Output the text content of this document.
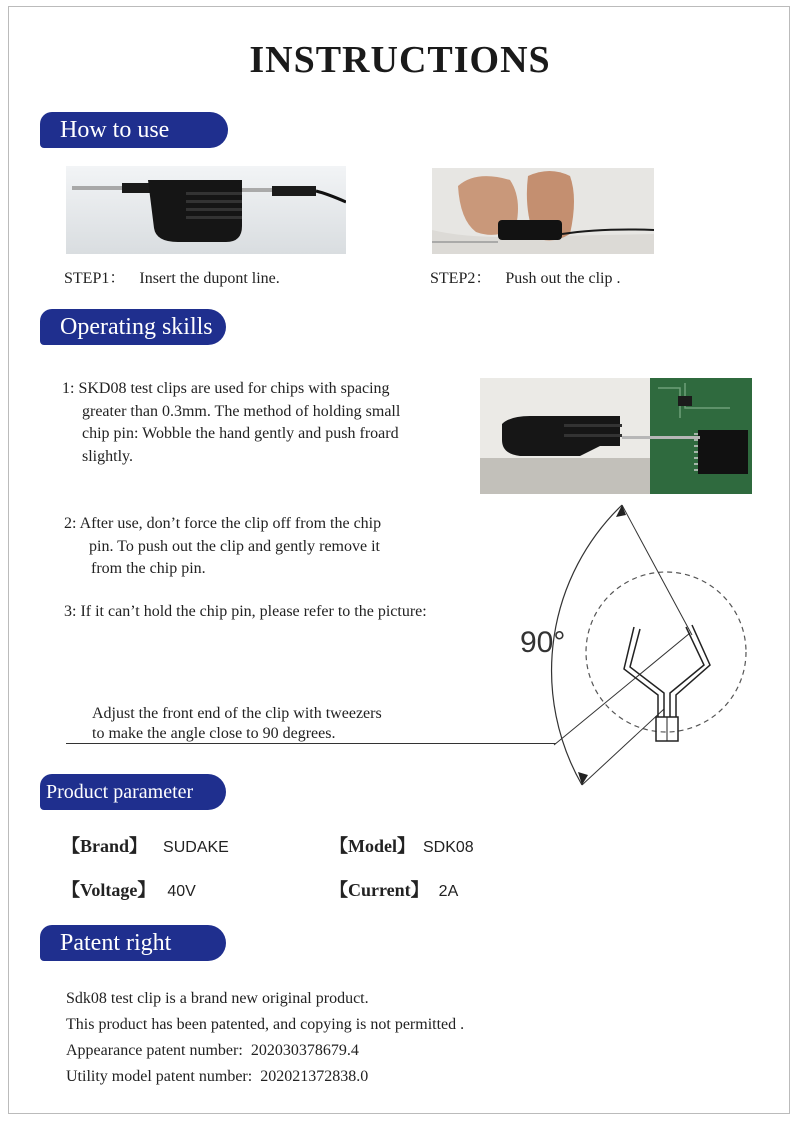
INSTRUCTIONS
How to use
STEP1： Insert the dupont line.	STEP2： Push out the clip .
Operating skills
1: SKD08 test clips are used for chips with spacing
greater than 0.3mm. The method of holding small
chip pin: Wobble the hand gently and push froard
slightly.
2: After use, don’t force the clip off from the chip
pin. To push out the clip and gently remove it
from the chip pin.
3: If it can’t hold the chip pin, please refer to the picture:
90°
Adjust the front end of the clip with tweezers
to make the angle close to 90 degrees.
Product parameter
【Brand】 SUDAKE	【Model】 SDK08
【Voltage】 40V	【Current】 2A
Patent right
Sdk08 test clip is a brand new original product.
This product has been patented, and copying is not permitted .
Appearance patent number: 202030378679.4
Utility model patent number: 202021372838.0
